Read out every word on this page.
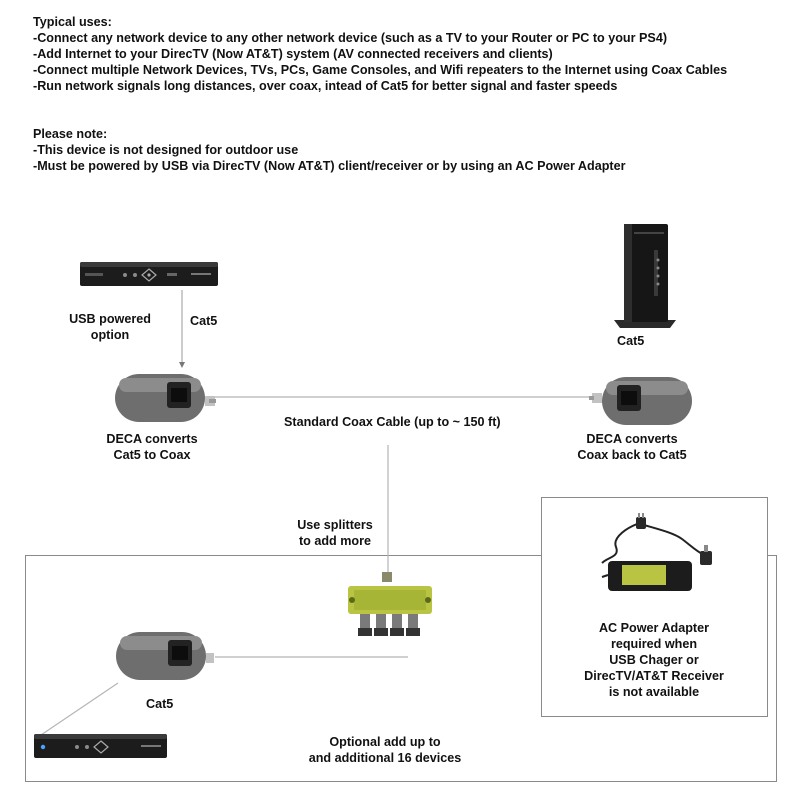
Typical uses:
-Connect any network device to any other network device (such as a TV to your Router or PC to your PS4)
-Add Internet to your DirecTV (Now AT&T) system (AV connected receivers and clients)
-Connect multiple Network Devices, TVs, PCs, Game Consoles, and Wifi repeaters to the Internet using Coax Cables
-Run network signals long distances, over coax, intead of Cat5 for better signal and faster speeds
Please note:
-This device is not designed for outdoor use
-Must be powered by USB via DirecTV (Now AT&T) client/receiver or by using an AC Power Adapter
USB powered
option
Cat5
Cat5
DECA converts
Cat5 to Coax
Standard Coax Cable (up to ~ 150 ft)
DECA converts
Coax back to Cat5
Use splitters
to add more
Cat5
Optional add up to
and additional 16 devices
AC Power Adapter
required when
USB Chager or
DirecTV/AT&T Receiver
is not available
